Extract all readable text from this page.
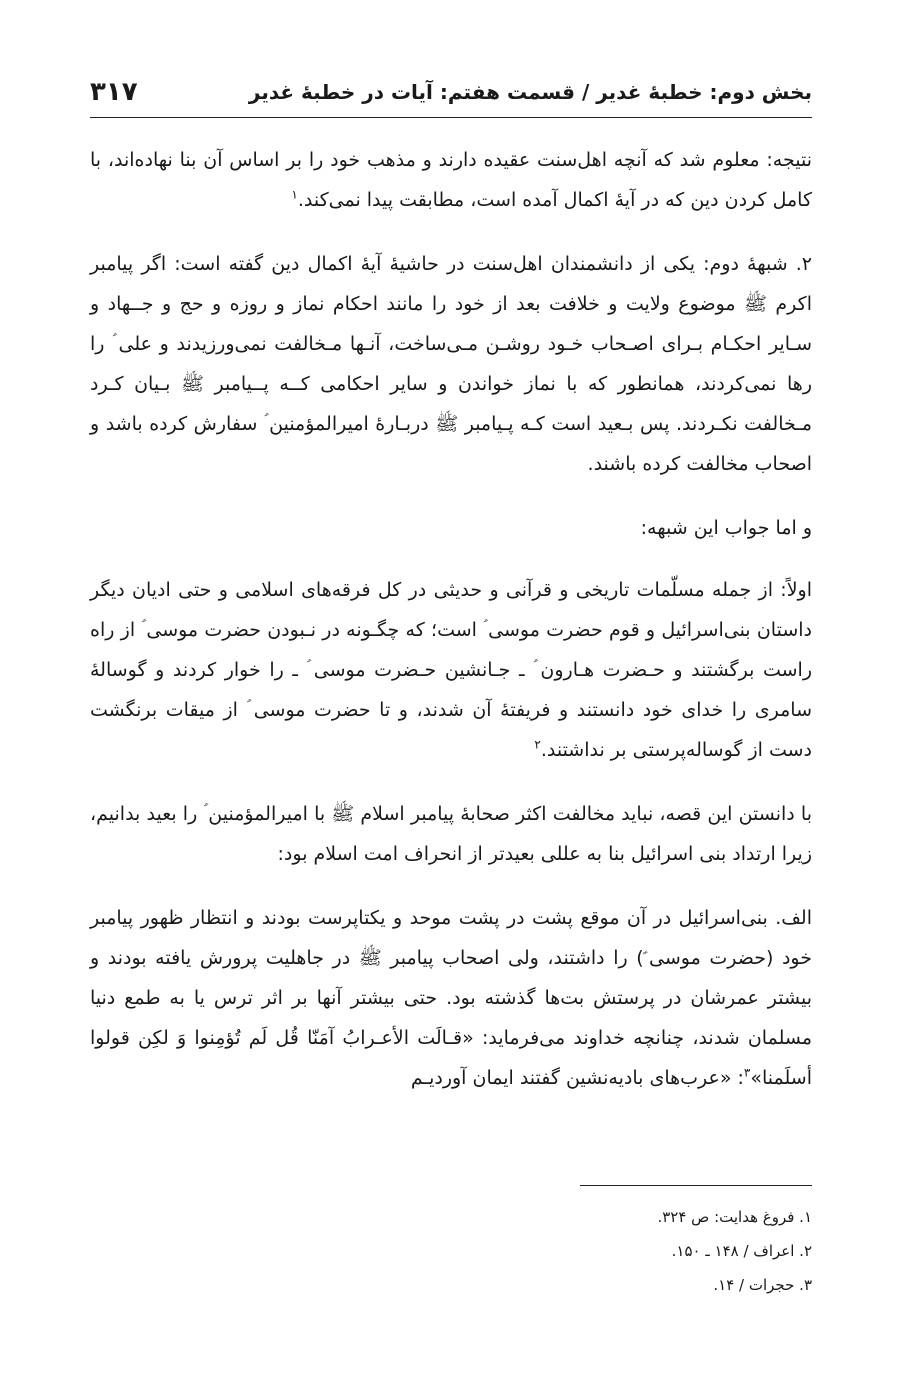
بخش دوم: خطبۀ غدیر / قسمت هفتم: آیات در خطبۀ غدیر
۳۱۷

نتیجه: معلوم شد که آنچه اهل‌سنت عقیده دارند و مذهب خود را بر اساس آن بنا نهاده‌اند، با کامل کردن دین که در آیۀ اکمال آمده است، مطابقت پیدا نمی‌کند.$^۱$

۲. شبهۀ دوم: یکی از دانشمندان اهل‌سنت در حاشیۀ آیۀ اکمال دین گفته است: اگر پیامبر اکرم ﷺ موضوع ولایت و خلافت بعد از خود را مانند احکام نماز و روزه و حج و جــهاد و سـایر احکـام بـرای اصـحاب خـود روشـن مـی‌ساخت، آنـها مـخالفت نمی‌ورزیدند و علی ؑ را رها نمی‌کردند، همانطور که با نماز خواندن و سایر احکامی کــه پــیامبر ﷺ بـیان کـرد مـخالفت نکـردند. پس بـعید است کـه پـیامبر ﷺ دربـارۀ امیرالمؤمنین ؑ سفارش کرده باشد و اصحاب مخالفت کرده باشند.

و اما جواب این شبهه:

اولاً: از جمله مسلّمات تاریخی و قرآنی و حدیثی در کل فرقه‌های اسلامی و حتی ادیان دیگر داستان بنی‌اسرائیل و قوم حضرت موسی ؑ است؛ که چگـونه در نـبودن حضرت موسی ؑ از راه راست برگشتند و حـضرت هـارون ؑ ـ جـانشین حـضرت موسی ؑ ـ را خوار کردند و گوسالۀ سامری را خدای خود دانستند و فریفتۀ آن شدند، و تا حضرت موسی ؑ از میقات برنگشت دست از گوساله‌پرستی بر نداشتند.$^۲$

با دانستن این قصه، نباید مخالفت اکثر صحابۀ پیامبر اسلام ﷺ با امیرالمؤمنین ؑ را بعید بدانیم، زیرا ارتداد بنی اسرائیل بنا به عللی بعیدتر از انحراف امت اسلام بود:

الف. بنی‌اسرائیل در آن موقع پشت در پشت موحد و یکتاپرست بودند و انتظار ظهور پیامبر خود (حضرت موسی ؑ) را داشتند، ولی اصحاب پیامبر ﷺ در جاهلیت پرورش یافته بودند و بیشتر عمرشان در پرستش بت‌ها گذشته بود. حتی بیشتر آنها بر اثر ترس یا به طمع دنیا مسلمان شدند، چنانچه خداوند می‌فرماید: «قـالَت الأعـرابُ آمَنّا قُل لَم تُؤمِنوا وَ لکِن قولوا أسلَمنا»$^۳$: «عرب‌های بادیه‌نشین گفتند ایمان آوردیـم

۱. فروغ هدایت: ص ۳۲۴.

۲. اعراف / ۱۴۸ ـ ۱۵۰.

۳. حجرات / ۱۴.
